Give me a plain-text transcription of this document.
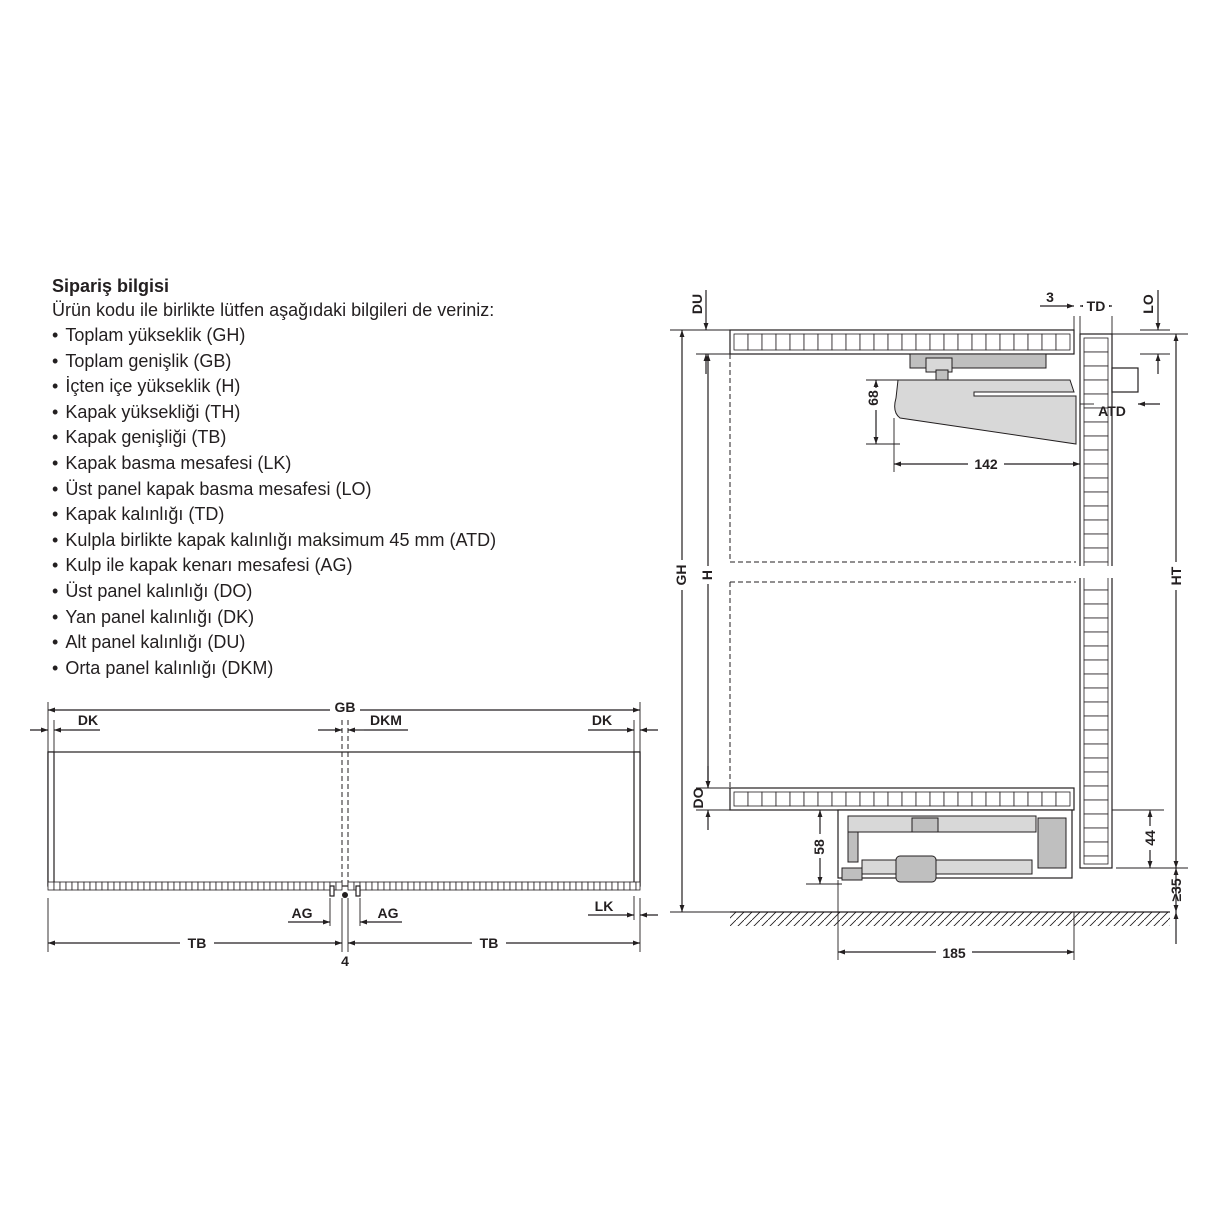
Sipariş bilgisi

Ürün kodu ile birlikte lütfen aşağıdaki bilgileri de veriniz:

• Toplam yükseklik (GH)
• Toplam genişlik (GB)
• İçten içe yükseklik (H)
• Kapak yüksekliği (TH)
• Kapak genişliği (TB)
• Kapak basma mesafesi (LK)
• Üst panel kapak basma mesafesi (LO)
• Kapak kalınlığı (TD)
• Kulpla birlikte kapak kalınlığı maksimum 45 mm (ATD)
• Kulp ile kapak kenarı mesafesi (AG)
• Üst panel kalınlığı (DO)
• Yan panel kalınlığı (DK)
• Alt panel kalınlığı (DU)
• Orta panel kalınlığı (DKM)
GB
DK	DKM	DK
AG	AG	LK
TB	TB
4
DU	3
TD LO
68
ATD
142
GH H	HT
DO
58
44
≥35
185
